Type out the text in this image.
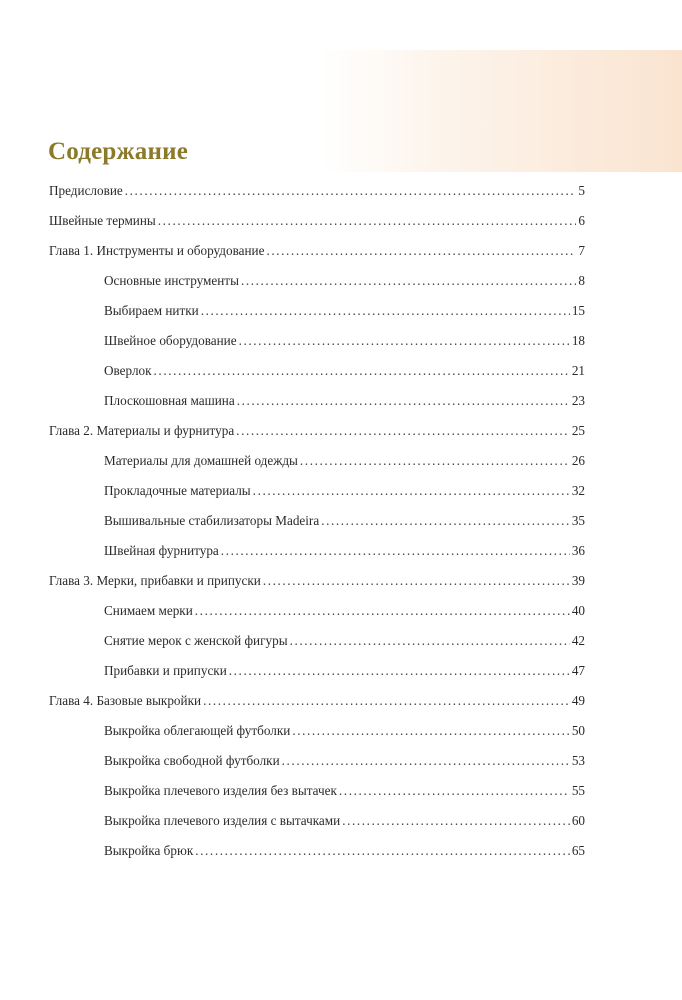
Содержание
Предисловие .....	5
Швейные термины .....	6
Глава 1. Инструменты и оборудование .....	7
Основные инструменты .....	8
Выбираем нитки .....	15
Швейное оборудование .....	18
Оверлок .....	21
Плоскошовная машина .....	23
Глава 2. Материалы и фурнитура .....	25
Материалы для домашней одежды .....	26
Прокладочные материалы .....	32
Вышивальные стабилизаторы Madeira .....	35
Швейная фурнитура .....	36
Глава 3. Мерки, прибавки и припуски .....	39
Снимаем мерки .....	40
Снятие мерок с женской фигуры .....	42
Прибавки и припуски .....	47
Глава 4. Базовые выкройки .....	49
Выкройка облегающей футболки .....	50
Выкройка свободной футболки .....	53
Выкройка плечевого изделия без вытачек .....	55
Выкройка плечевого изделия с вытачками .....	60
Выкройка брюк .....	65
